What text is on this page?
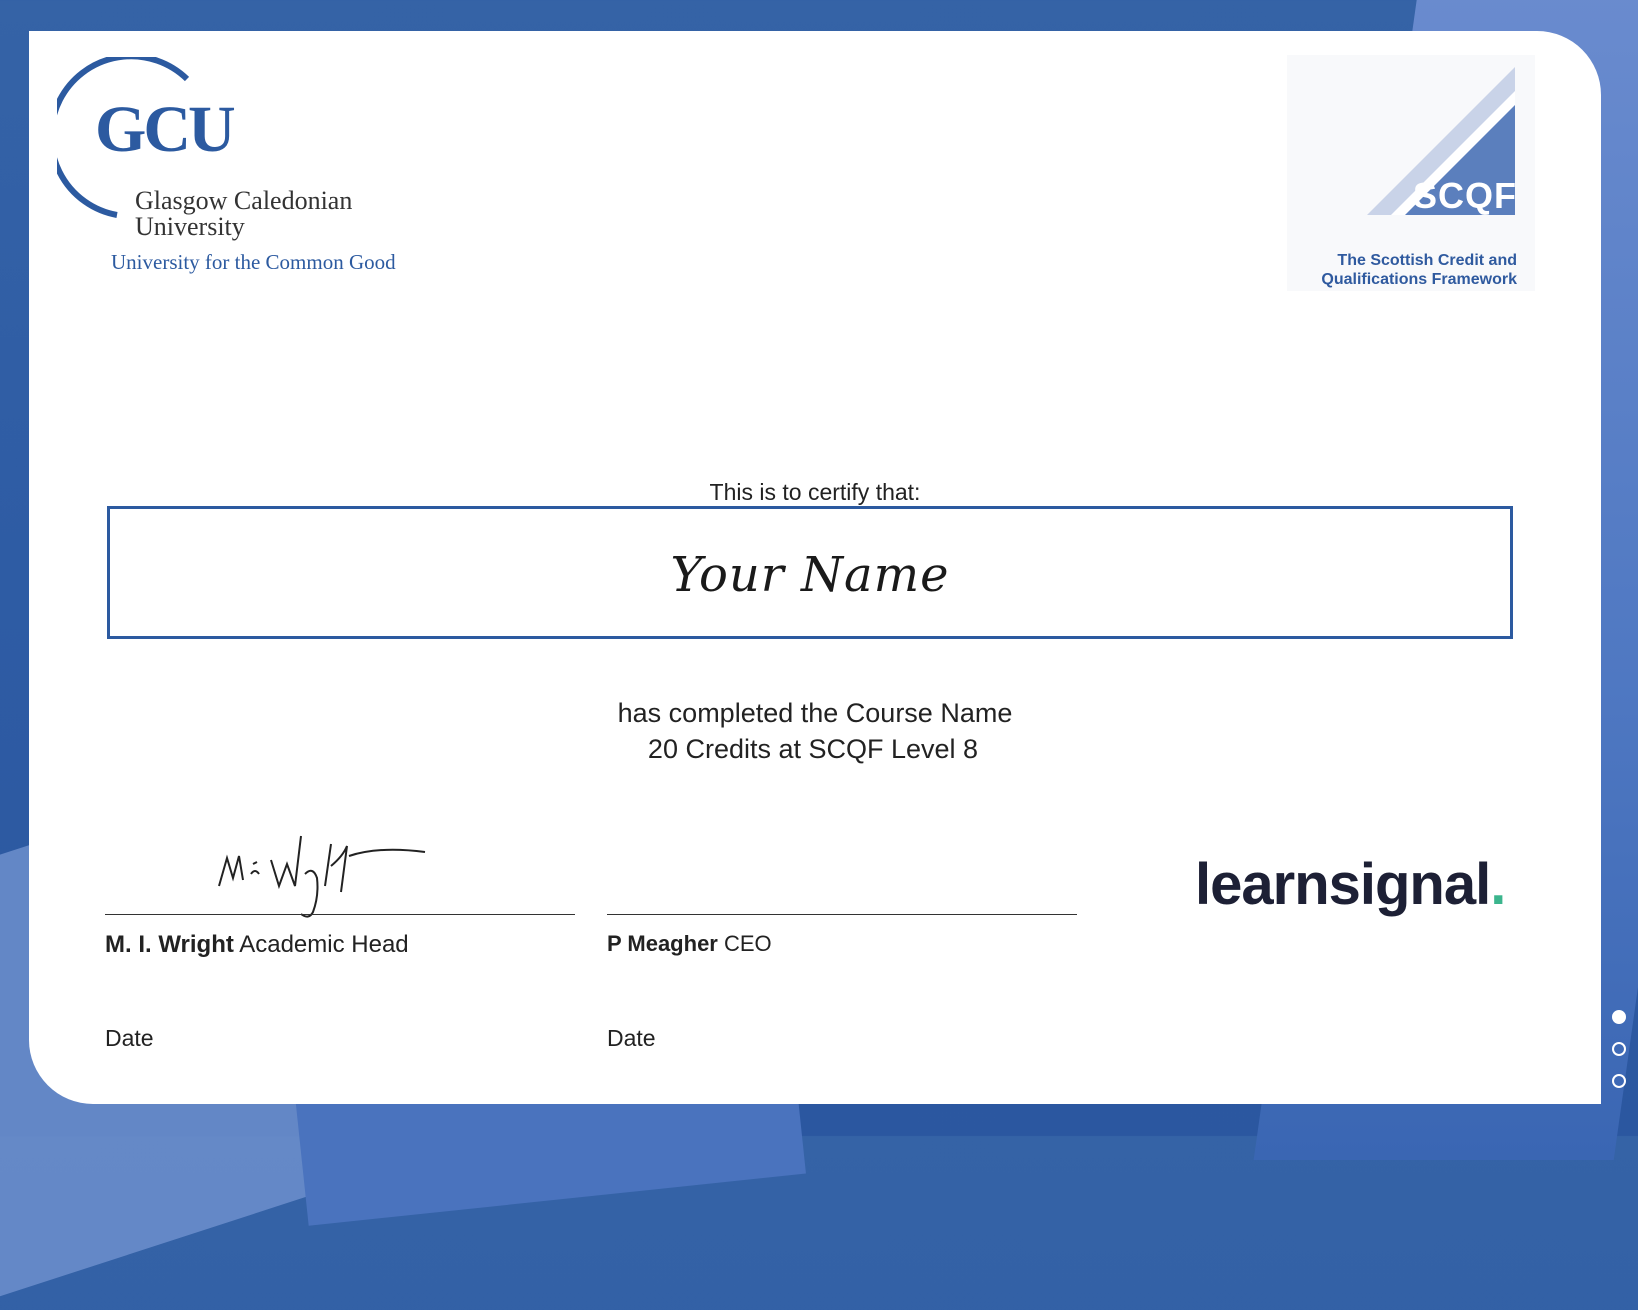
GCU
Glasgow Caledonian
University
University for the Common Good
SCQF
The Scottish Credit and
Qualifications Framework
This is to certify that:
Your Name
has completed the Course Name
20 Credits at SCQF Level 8
M. I. Wright Academic Head	P Meagher CEO
Date	Date
learnsignal.
